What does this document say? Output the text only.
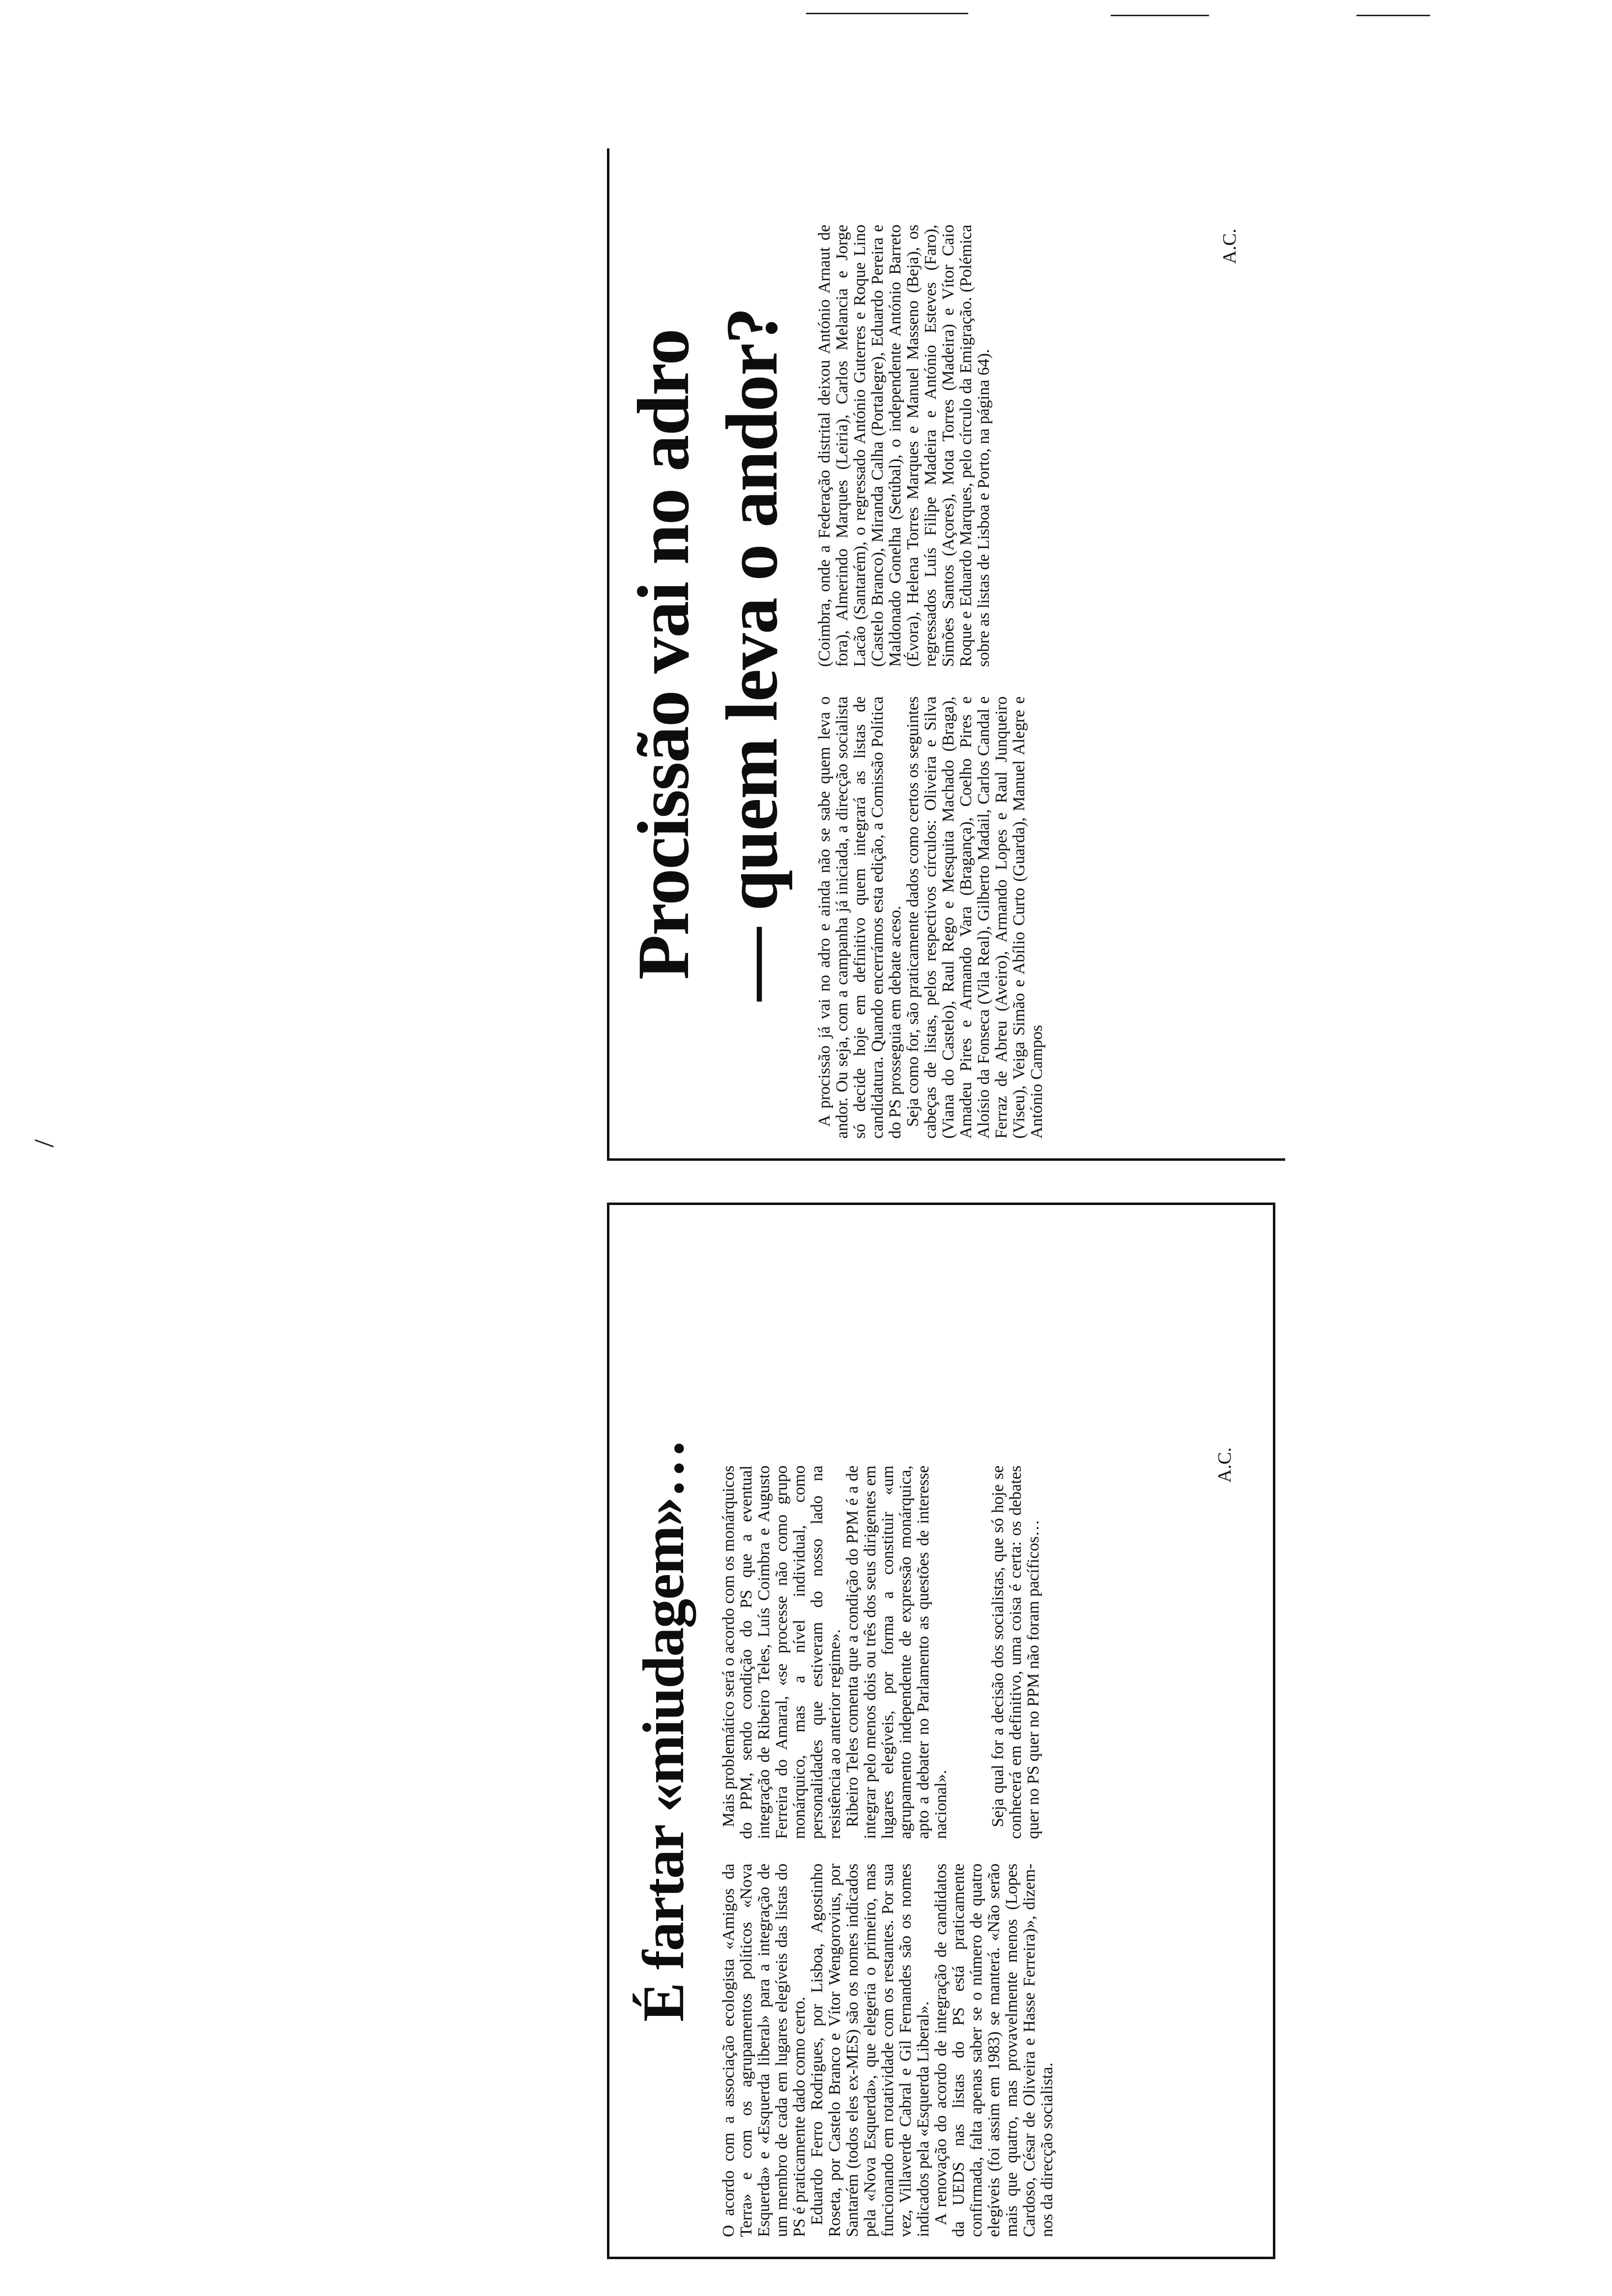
É fartar «miudagem»…

O acordo com a associação ecologista «Amigos da Terra» e com os agrupamentos políticos «Nova Esquerda» e «Esquerda liberal» para a integração de um membro de cada em lugares elegíveis das listas do PS é praticamente dado como certo. Eduardo Ferro Rodrigues, por Lisboa, Agostinho Roseta, por Castelo Branco e Vítor Wengorovius, por Santarém (todos eles ex-MES) são os nomes indicados pela «Nova Esquerda», que elegeria o primeiro, mas funcionando em rotatividade com os restantes. Por sua vez, Villaverde Cabral e Gil Fernandes são os nomes indicados pela «Esquerda Liberal». A renovação do acordo de integração de candidatos da UEDS nas listas do PS está praticamente confirmada, falta apenas saber se o número de quatro elegíveis (foi assim em 1983) se manterá. «Não serão mais que quatro, mas provavelmente menos (Lopes Cardoso, César de Oliveira e Hasse Ferreira)», dizem-nos da direcção socialista.

Mais problemático será o acordo com os monárquicos do PPM, sendo condição do PS que a eventual integração de Ribeiro Teles, Luís Coimbra e Augusto Ferreira do Amaral, «se processe não como grupo monárquico, mas a nível individual, como personalidades que estiveram do nosso lado na resistência ao anterior regime». Ribeiro Teles comenta que a condição do PPM é a de integrar pelo menos dois ou três dos seus dirigentes em lugares elegíveis, por forma a constituir «um agrupamento independente de expressão monárquica, apto a debater no Parlamento as questões de interesse nacional». Seja qual for a decisão dos socialistas, que só hoje se conhecerá em definitivo, uma coisa é certa: os debates quer no PS quer no PPM não foram pacíficos…

A.C.
Procissão vai no adro — quem leva o andor? A procissão já vai no adro e ainda não se sabe quem leva o andor. Ou seja, com a campanha já iniciada, a direcção socialista só decide hoje em definitivo quem integrará as listas de candidatura. Quando encerrámos esta edição, a Comissão Política do PS prosseguia em debate aceso. Seja como for, são praticamente dados como certos os seguintes cabeças de listas, pelos respectivos círculos: Oliveira e Silva (Viana do Castelo), Raul Rego e Mesquita Machado (Braga), Amadeu Pires e Armando Vara (Bragança), Coelho Pires e Aloísio da Fonseca (Vila Real), Gilberto Madail, Carlos Candal e Ferraz de Abreu (Aveiro), Armando Lopes e Raul Junqueiro (Viseu), Veiga Simão e Abílio Curto (Guarda), Manuel Alegre e António Campos

(Coimbra, onde a Federação distrital deixou António Arnaut de fora), Almerindo Marques (Leiria), Carlos Melancia e Jorge Lacão (Santarém), o regressado António Guterres e Roque Lino (Castelo Branco), Miranda Calha (Portalegre), Eduardo Pereira e Maldonado Gonelha (Setúbal), o independente António Barreto (Évora), Helena Torres Marques e Manuel Masseno (Beja), os regressados Luís Filipe Madeira e António Esteves (Faro), Simões Santos (Açores), Mota Torres (Madeira) e Vítor Caio Roque e Eduardo Marques, pelo círculo da Emigração. (Polémica sobre as listas de Lisboa e Porto, na página 64).

A.C.
